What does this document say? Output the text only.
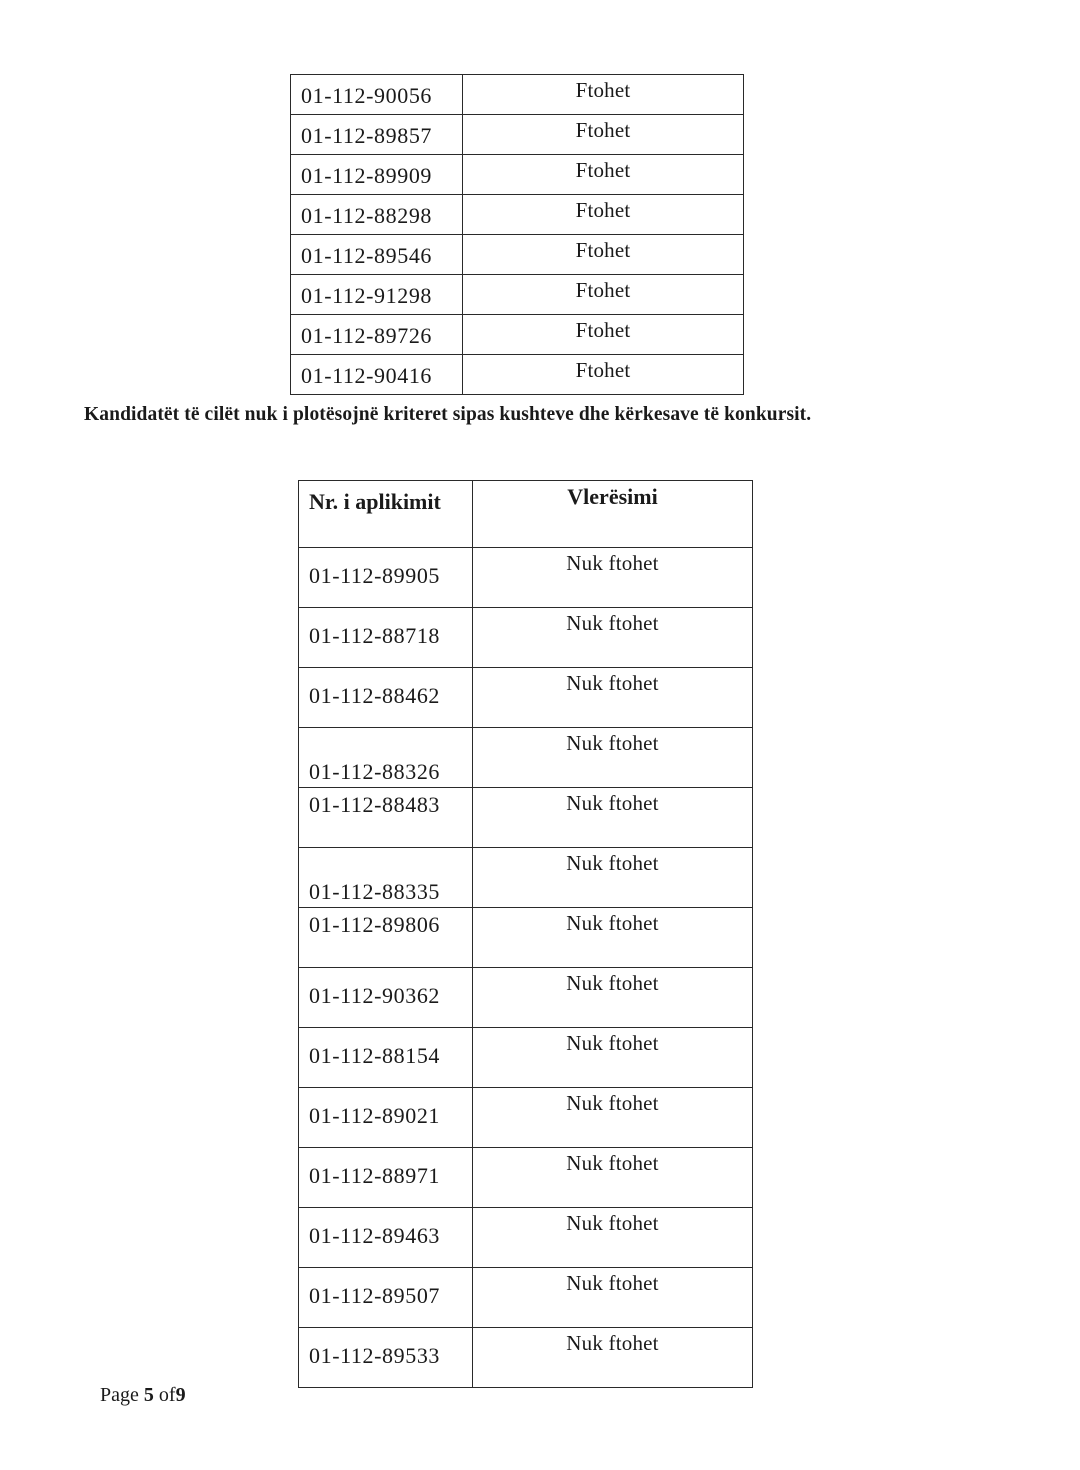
01-112-90056	Ftohet
01-112-89857	Ftohet
01-112-89909	Ftohet
01-112-88298	Ftohet
01-112-89546	Ftohet
01-112-91298	Ftohet
01-112-89726	Ftohet
01-112-90416	Ftohet

Kandidatët të cilët nuk i plotësojnë kriteret sipas kushteve dhe kërkesave të konkursit.

Nr. i aplikimit	Vlerësimi
01-112-89905	Nuk ftohet
01-112-88718	Nuk ftohet
01-112-88462	Nuk ftohet
01-112-88326	Nuk ftohet
01-112-88483	Nuk ftohet
01-112-88335	Nuk ftohet
01-112-89806	Nuk ftohet
01-112-90362	Nuk ftohet
01-112-88154	Nuk ftohet
01-112-89021	Nuk ftohet
01-112-88971	Nuk ftohet
01-112-89463	Nuk ftohet
01-112-89507	Nuk ftohet
01-112-89533	Nuk ftohet
Page 5 of9
